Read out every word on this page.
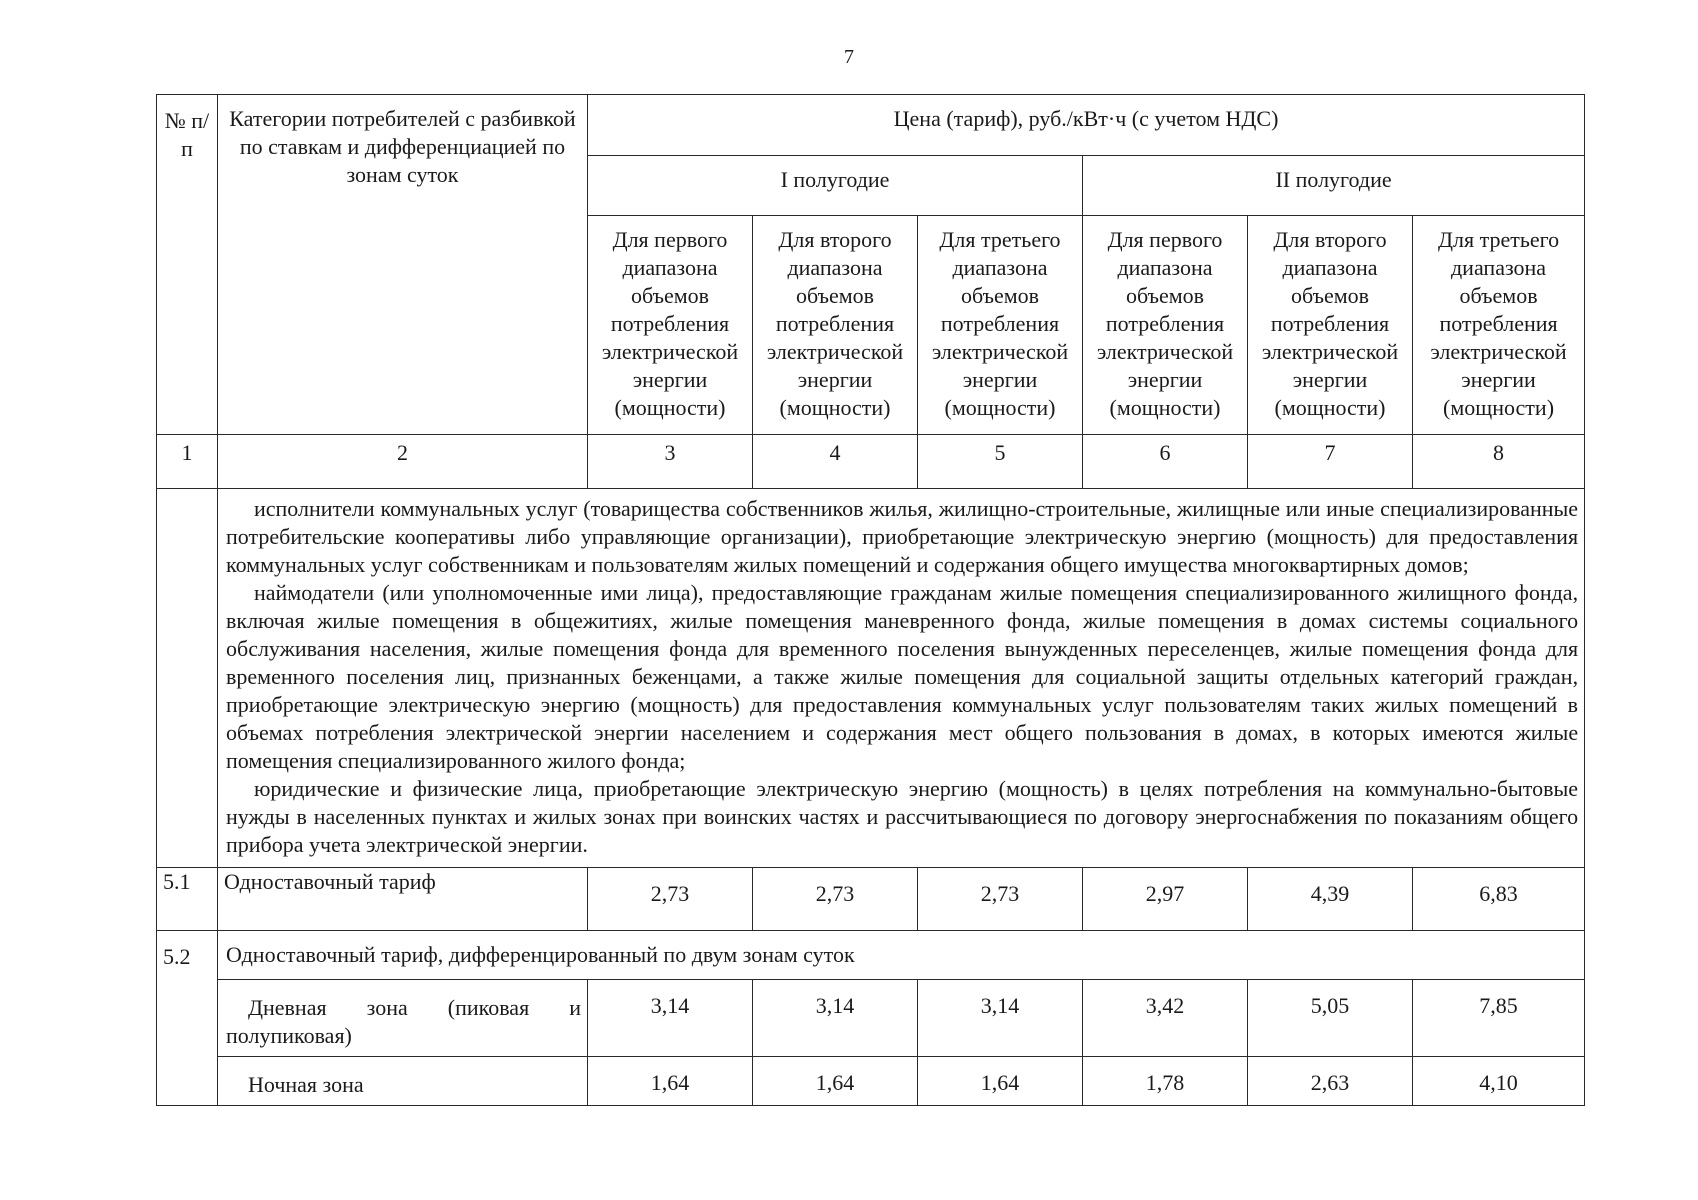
7
№ п/п	Категории потребителей с разбивкой по ставкам и дифференциацией по зонам суток	Цена (тариф), руб./кВт·ч (с учетом НДС)					
		I полугодие			II полугодие		
		Для первого диапазона объемов потребления электрической энергии (мощности)	Для второго диапазона объемов потребления электрической энергии (мощности)	Для третьего диапазона объемов потребления электрической энергии (мощности)	Для первого диапазона объемов потребления электрической энергии (мощности)	Для второго диапазона объемов потребления электрической энергии (мощности)	Для третьего диапазона объемов потребления электрической энергии (мощности)
1	2	3	4	5	6	7	8

	исполнители коммунальных услуг (товарищества собственников жилья, жилищно-строительные, жилищные или иные специализированные потребительские кооперативы либо управляющие организации), приобретающие электрическую энергию (мощность) для предоставления коммунальных услуг собственникам и пользователям жилых помещений и содержания общего имущества многоквартирных домов;

наймодатели (или уполномоченные ими лица), предоставляющие гражданам жилые помещения специализированного жилищного фонда, включая жилые помещения в общежитиях, жилые помещения маневренного фонда, жилые помещения в домах системы социального обслуживания населения, жилые помещения фонда для временного поселения вынужденных переселенцев, жилые помещения фонда для временного поселения лиц, признанных беженцами, а также жилые помещения для социальной защиты отдельных категорий граждан, приобретающие электрическую энергию (мощность) для предоставления коммунальных услуг пользователям таких жилых помещений в объемах потребления электрической энергии населением и содержания мест общего пользования в домах, в которых имеются жилые помещения специализированного жилого фонда;

юридические и физические лица, приобретающие электрическую энергию (мощность) в целях потребления на коммунально-бытовые нужды в населенных пунктах и жилых зонах при воинских частях и рассчитывающиеся по договору энергоснабжения по показаниям общего прибора учета электрической энергии.						

5.1	Одноставочный тариф	2,73	2,73	2,73	2,97	4,39	6,83
5.2	Одноставочный тариф, дифференцированный по двум зонам суток						
	Дневная зона (пиковая и полупиковая)	3,14	3,14	3,14	3,42	5,05	7,85
	Ночная зона	1,64	1,64	1,64	1,78	2,63	4,10
